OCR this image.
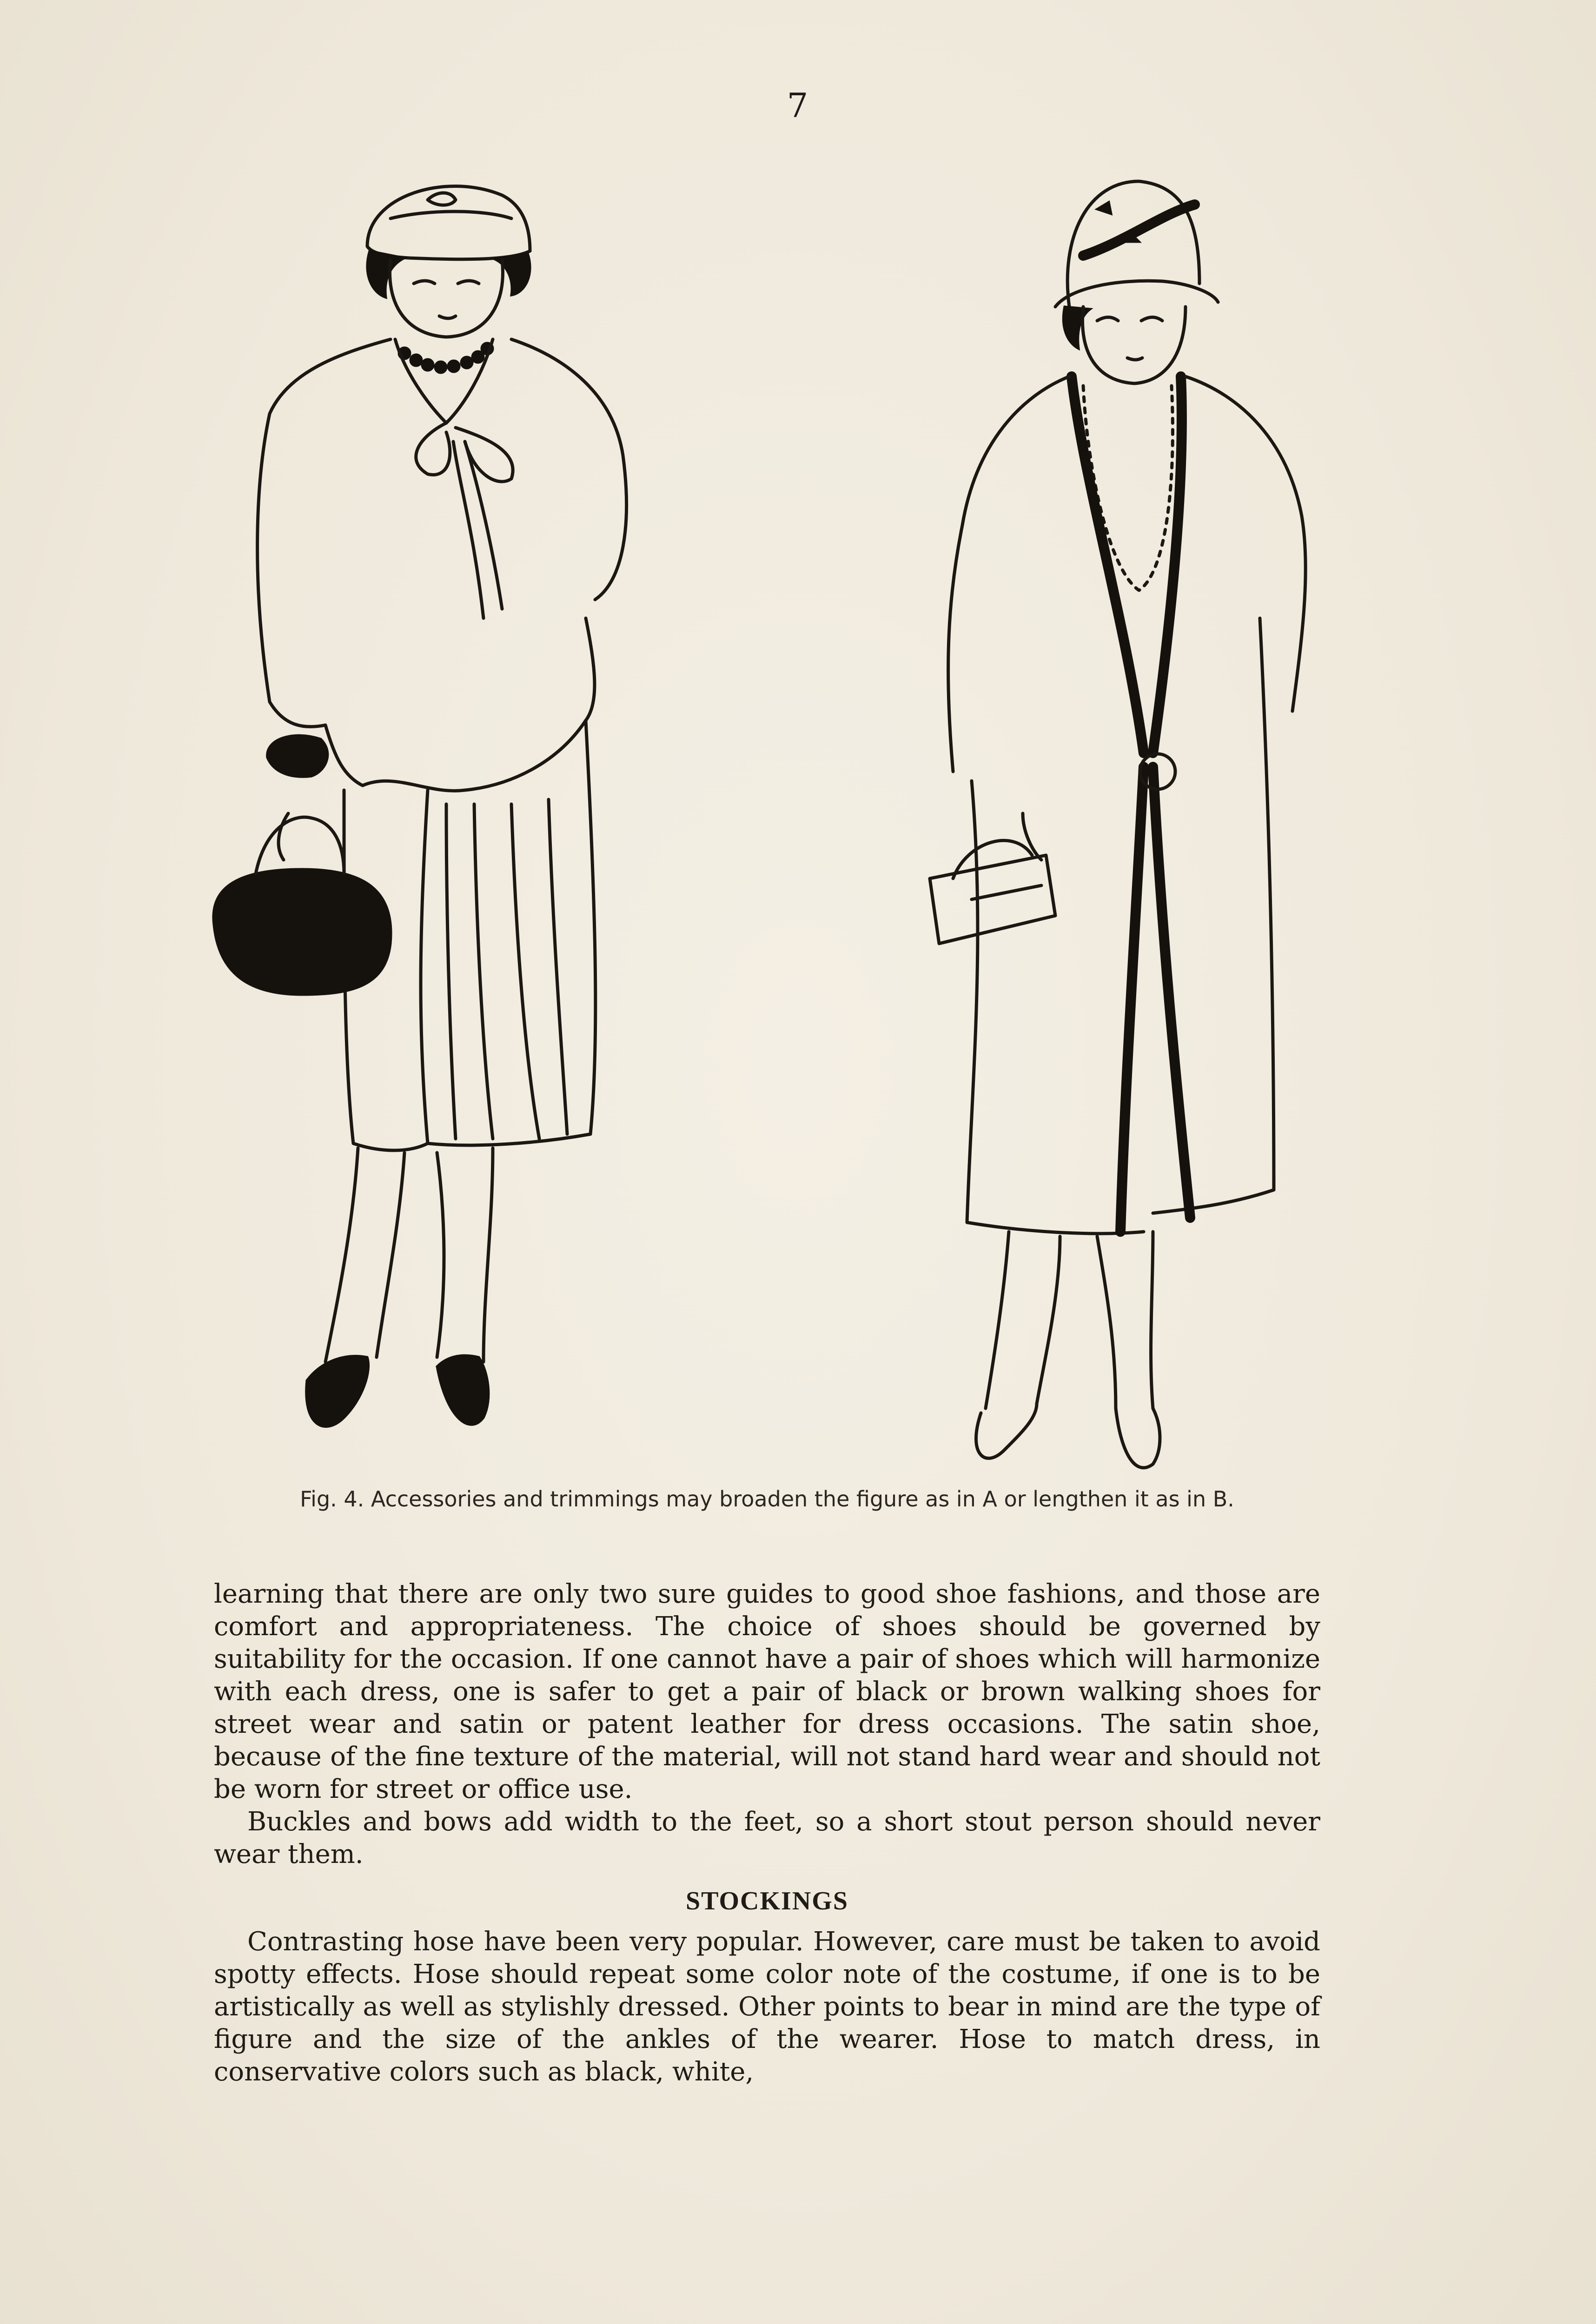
7
Fig. 4. Accessories and trimmings may broaden the figure as in A or lengthen it as in B.

learning that there are only two sure guides to good shoe fashions, and those are comfort and appropriateness. The choice of shoes should be governed by suitability for the occasion. If one cannot have a pair of shoes which will harmonize with each dress, one is safer to get a pair of black or brown walking shoes for street wear and satin or patent leather for dress occasions. The satin shoe, because of the fine texture of the material, will not stand hard wear and should not be worn for street or office use.

Buckles and bows add width to the feet, so a short stout person should never wear them.

STOCKINGS

Contrasting hose have been very popular. However, care must be taken to avoid spotty effects. Hose should repeat some color note of the costume, if one is to be artistically as well as stylishly dressed. Other points to bear in mind are the type of figure and the size of the ankles of the wearer. Hose to match dress, in conservative colors such as black, white,
